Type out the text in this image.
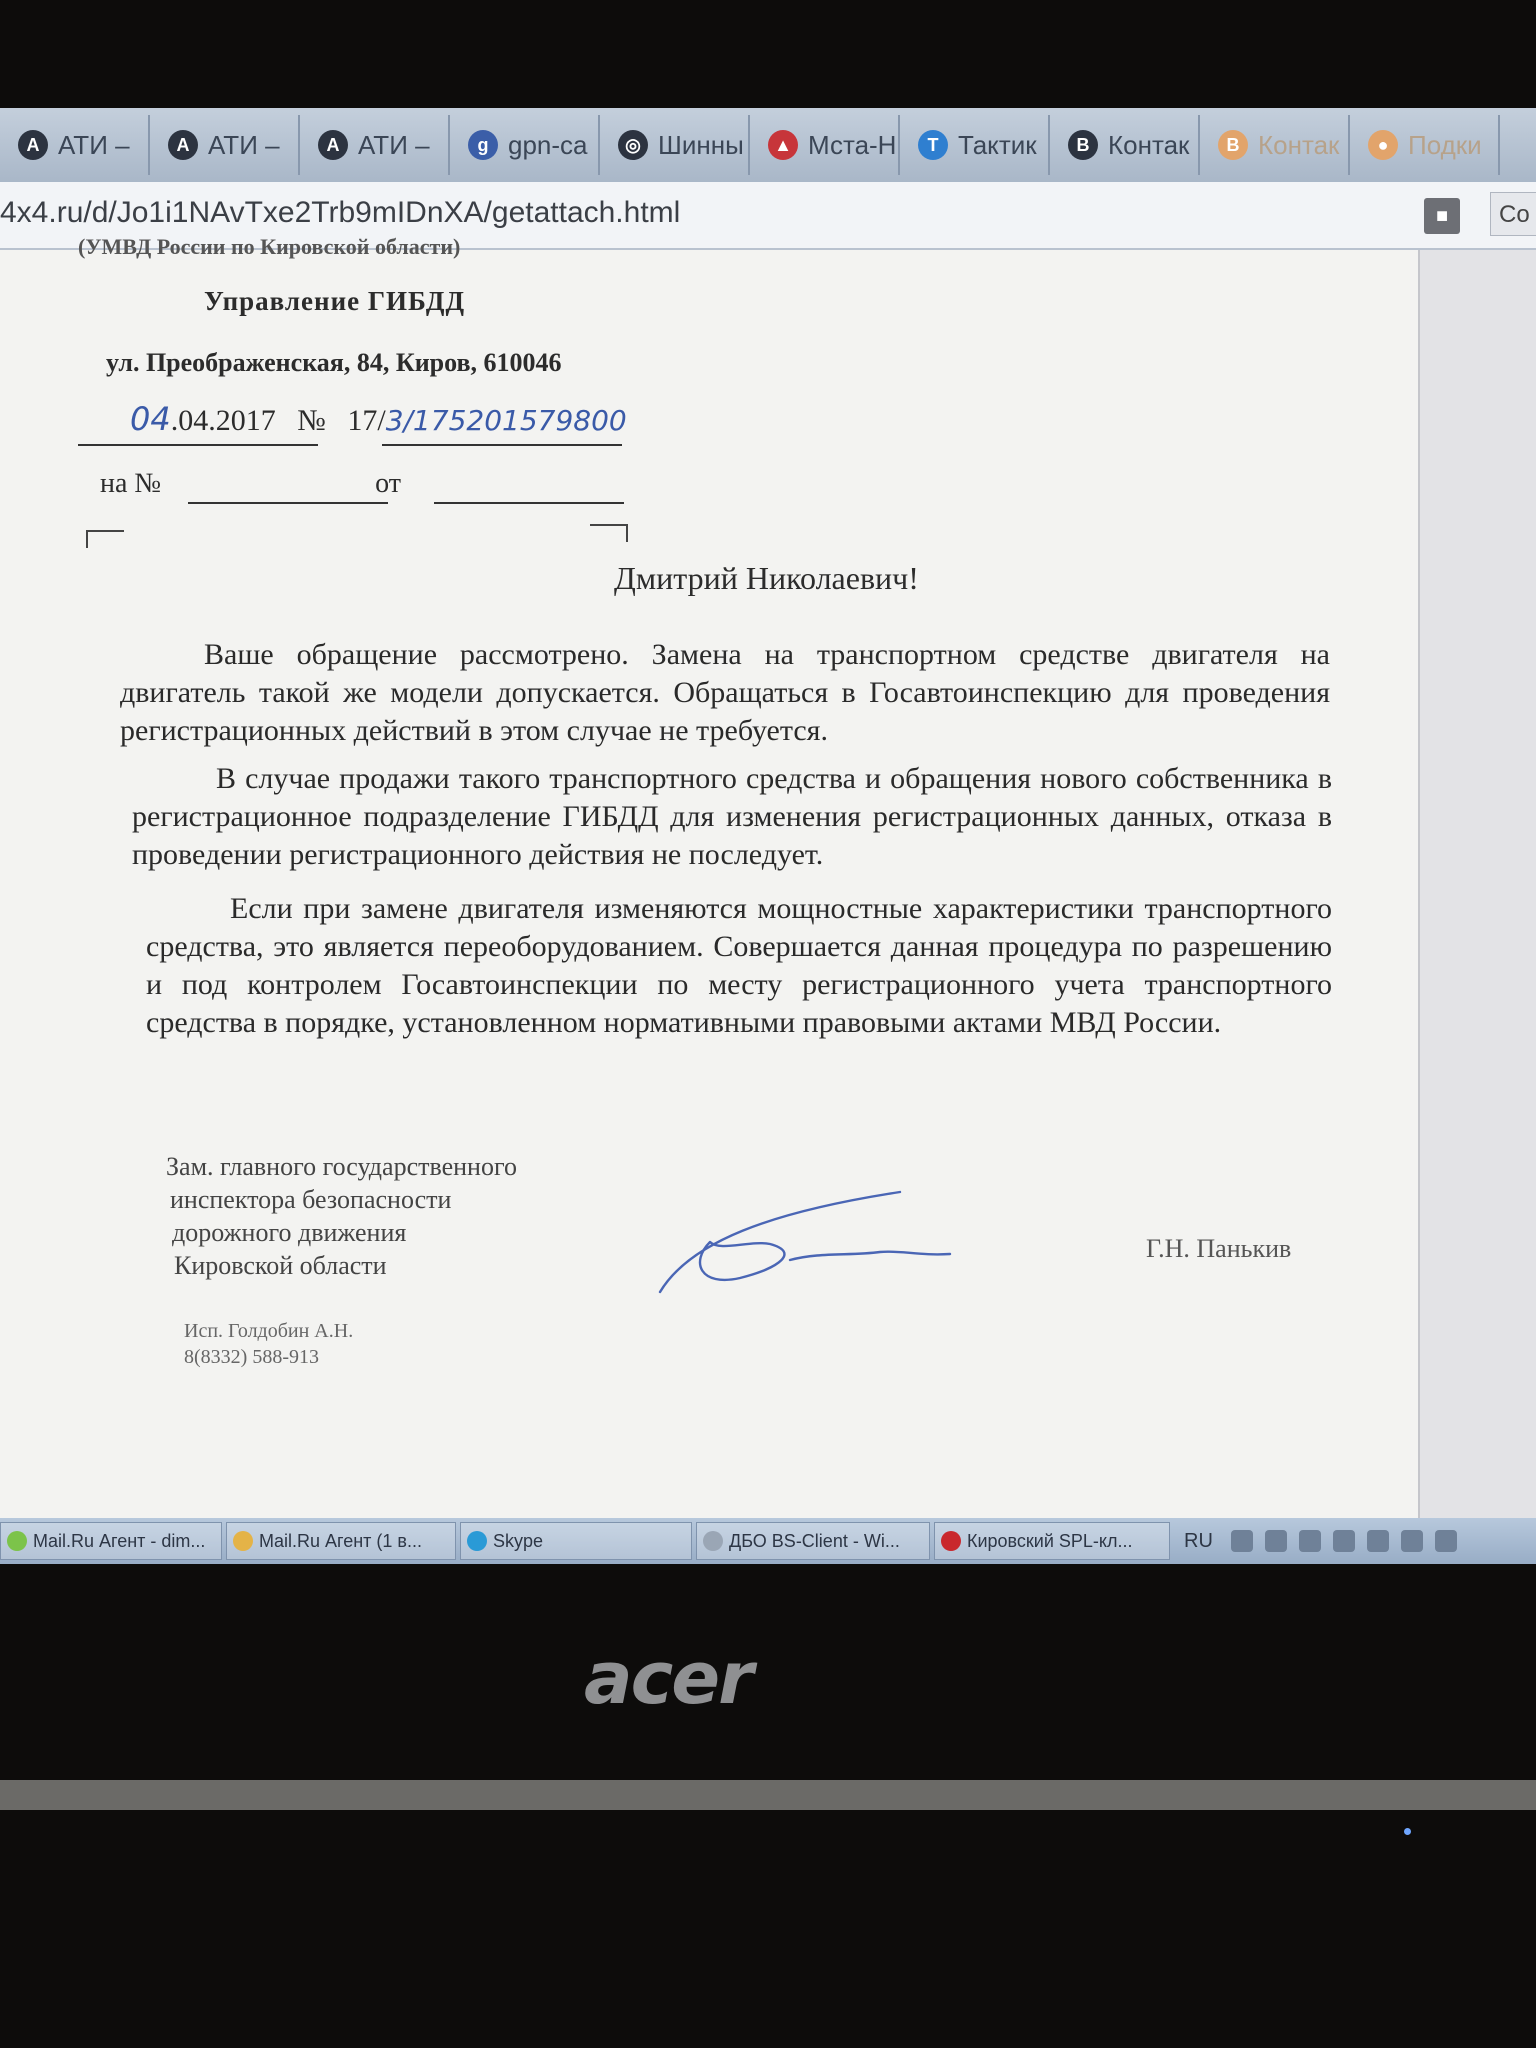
A АТИ –	A АТИ –	A АТИ –	g gpn-ca	◎ Шинны	▲ Мста-Н	T Тактик	B Контак	B Контак	● Подки
4x4.ru/d/Jo1i1NAvTxe2Trb9mIDnXA/getattach.html	■	Со
(УМВД России по Кировской области)
Управление ГИБДД
ул. Преображенская, 84, Киров, 610046
04.04.2017 № 17/3/175201579800
на №	от
Дмитрий Николаевич!
Ваше обращение рассмотрено. Замена на транспортном средстве двигателя на двигатель такой же модели допускается. Обращаться в Госавтоинспекцию для проведения регистрационных действий в этом случае не требуется.
В случае продажи такого транспортного средства и обращения нового собственника в регистрационное подразделение ГИБДД для изменения регистрационных данных, отказа в проведении регистрационного действия не последует.
Если при замене двигателя изменяются мощностные характеристики транспортного средства, это является переоборудованием. Совершается данная процедура по разрешению и под контролем Госавтоинспекции по месту регистрационного учета транспортного средства в порядке, установленном нормативными правовыми актами МВД России.
Зам. главного государственного
инспектора безопасности
дорожного движения
Кировской области
Г.Н. Панькив
Исп. Голдобин А.Н.
8(8332) 588-913
Mail.Ru Агент - dim...	Mail.Ru Агент (1 в...	Skype	ДБО BS-Client - Wi...	Кировский SPL-кл...	RU
acer
